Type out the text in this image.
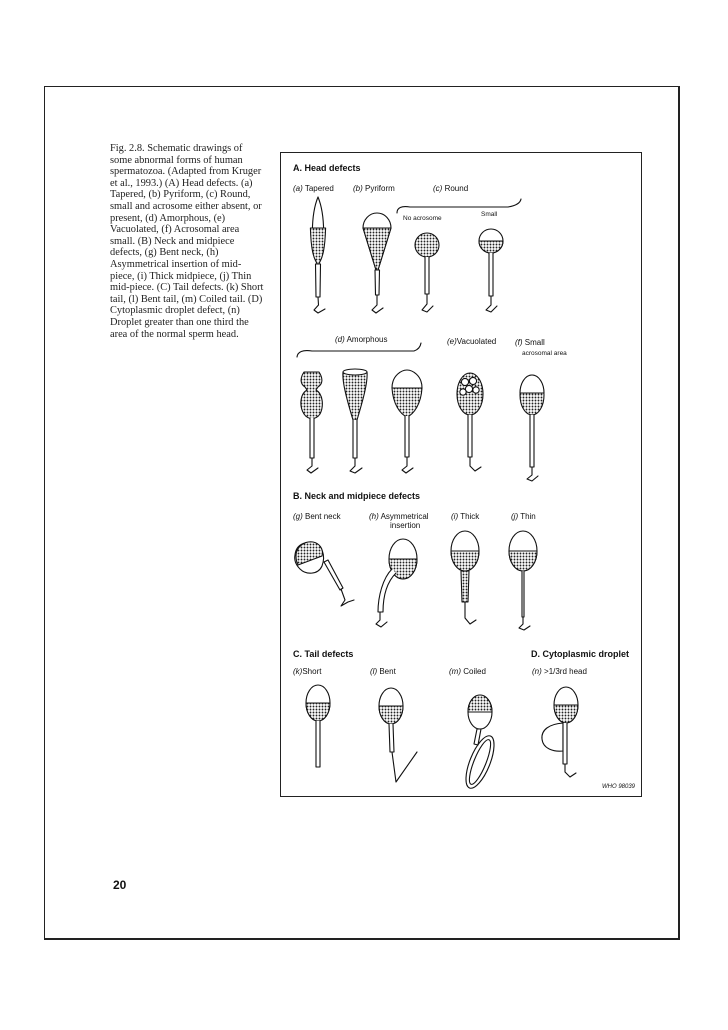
Fig. 2.8. Schematic drawings of some abnormal forms of human spermatozoa. (Adapted from Kruger et al., 1993.) (A) Head defects. (a) Tapered, (b) Pyriform, (c) Round, small and acrosome either absent, or present, (d) Amorphous, (e) Vacuolated, (f) Acrosomal area small. (B) Neck and midpiece defects, (g) Bent neck, (h) Asymmetrical insertion of mid-piece, (i) Thick midpiece, (j) Thin mid-piece. (C) Tail defects. (k) Short tail, (l) Bent tail, (m) Coiled tail. (D) Cytoplasmic droplet defect, (n) Droplet greater than one third the area of the normal sperm head.

20
A. Head defects
(a) Tapered (b) Pyriform	(c) Round
No acrosome
Small
(d) Amorphous	(e)Vacuolated (f) Small
acrosomal area
B. Neck and midpiece defects
(g) Bent neck	(h) Asymmetrical
insertion
(i) Thick	(j) Thin
C. Tail defects
(k)Short	(l) Bent	(m) Coiled
D. Cytoplasmic droplet
(n) >1/3rd head
WHO 98039
